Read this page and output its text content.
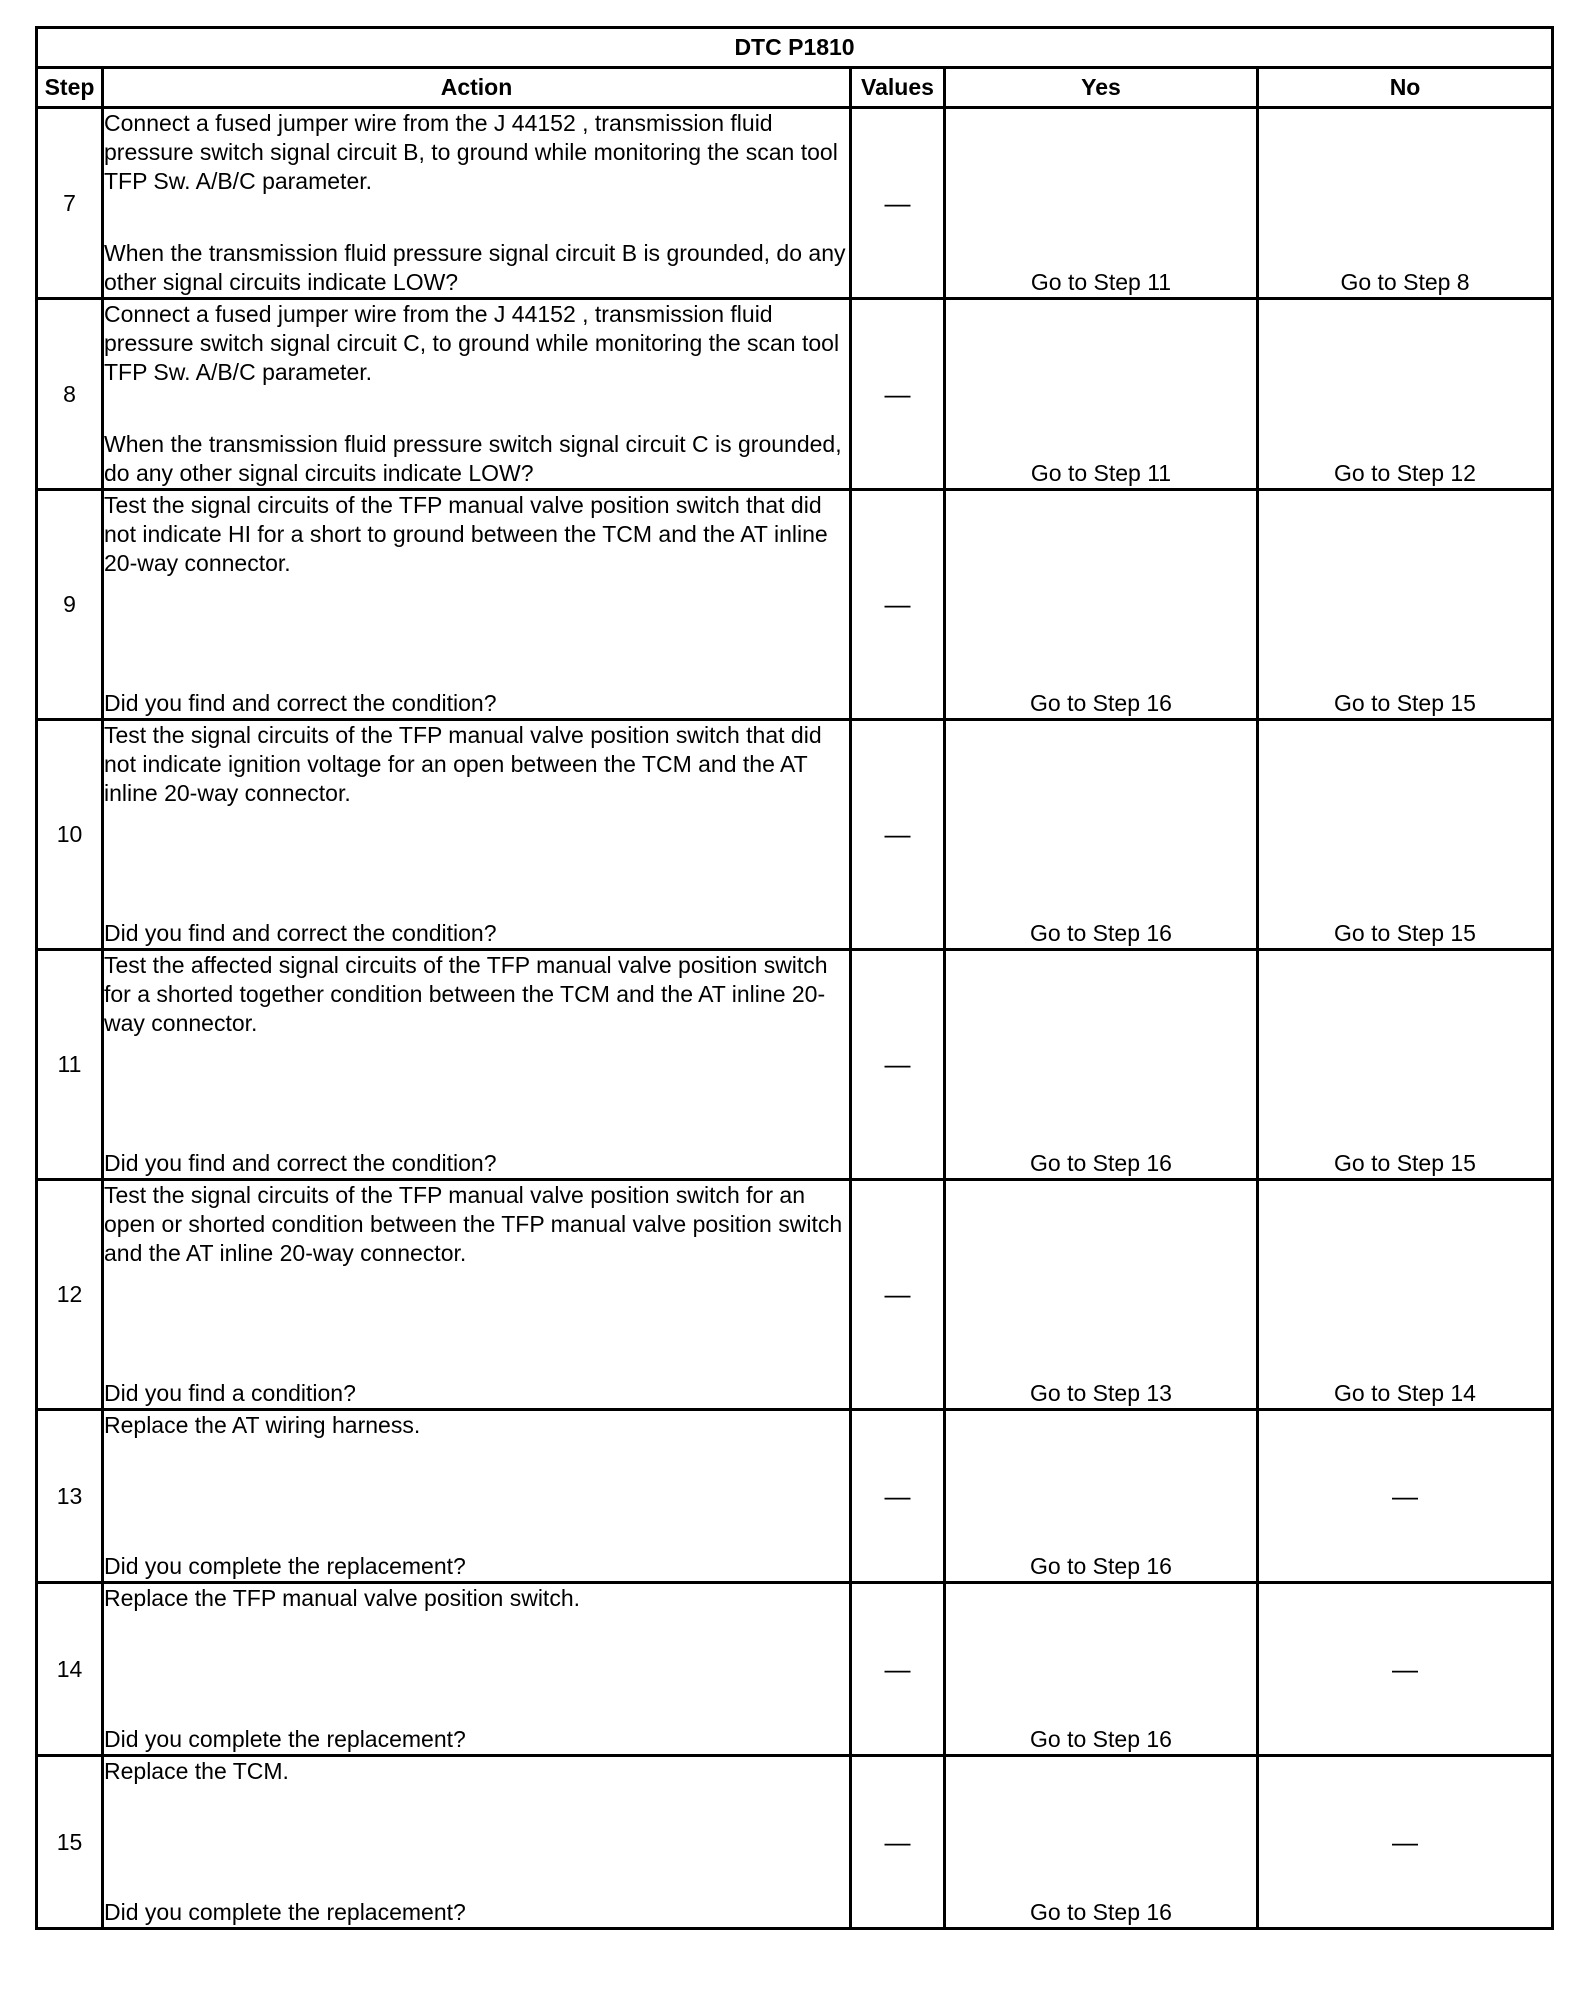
DTC P1810				
Step	Action	Values	Yes	No
7	Connect a fused jumper wire from the J 44152 , transmission fluid pressure switch signal circuit B, to ground while monitoring the scan tool TFP Sw. A/B/C parameter.
When the transmission fluid pressure signal circuit B is grounded, do any other signal circuits indicate LOW?	—	Go to Step 11	Go to Step 8
8	Connect a fused jumper wire from the J 44152 , transmission fluid pressure switch signal circuit C, to ground while monitoring the scan tool TFP Sw. A/B/C parameter.
When the transmission fluid pressure switch signal circuit C is grounded, do any other signal circuits indicate LOW?	—	Go to Step 11	Go to Step 12
9	Test the signal circuits of the TFP manual valve position switch that did not indicate HI for a short to ground between the TCM and the AT inline 20-way connector.
Did you find and correct the condition?	—	Go to Step 16	Go to Step 15
10	Test the signal circuits of the TFP manual valve position switch that did not indicate ignition voltage for an open between the TCM and the AT inline 20-way connector.
Did you find and correct the condition?	—	Go to Step 16	Go to Step 15
11	Test the affected signal circuits of the TFP manual valve position switch for a shorted together condition between the TCM and the AT inline 20-way connector.
Did you find and correct the condition?	—	Go to Step 16	Go to Step 15
12	Test the signal circuits of the TFP manual valve position switch for an open or shorted condition between the TFP manual valve position switch and the AT inline 20-way connector.
Did you find a condition?	—	Go to Step 13	Go to Step 14
13	Replace the AT wiring harness.
Did you complete the replacement?	—	Go to Step 16	—
14	Replace the TFP manual valve position switch.
Did you complete the replacement?	—	Go to Step 16	—
15	Replace the TCM.
Did you complete the replacement?	—	Go to Step 16	—
